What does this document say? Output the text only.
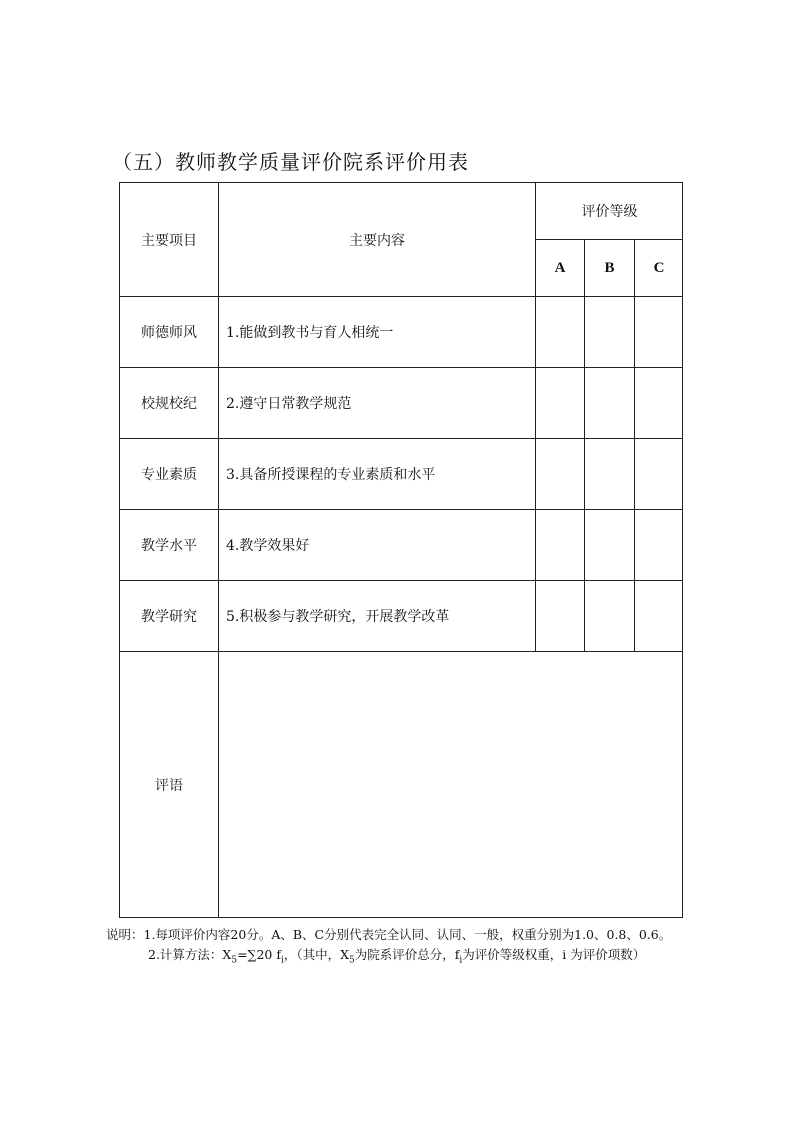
（五）教师教学质量评价院系评价用表
主要项目	主要内容
评价等级
A	B	C
师德师风	1.能做到教书与育人相统一
校规校纪	2.遵守日常教学规范
专业素质	3.具备所授课程的专业素质和水平
教学水平	4.教学效果好
教学研究	5.积极参与教学研究，开展教学改革
评语
说明：1.每项评价内容20分。A、B、C分别代表完全认同、认同、一般，权重分别为1.0、0.8、0.6。
2.计算方法：$X_5=\sum 20$ $f_i$，（其中，$X_5$为院系评价总分，$f_i$为评价等级权重，i 为评价项数）
